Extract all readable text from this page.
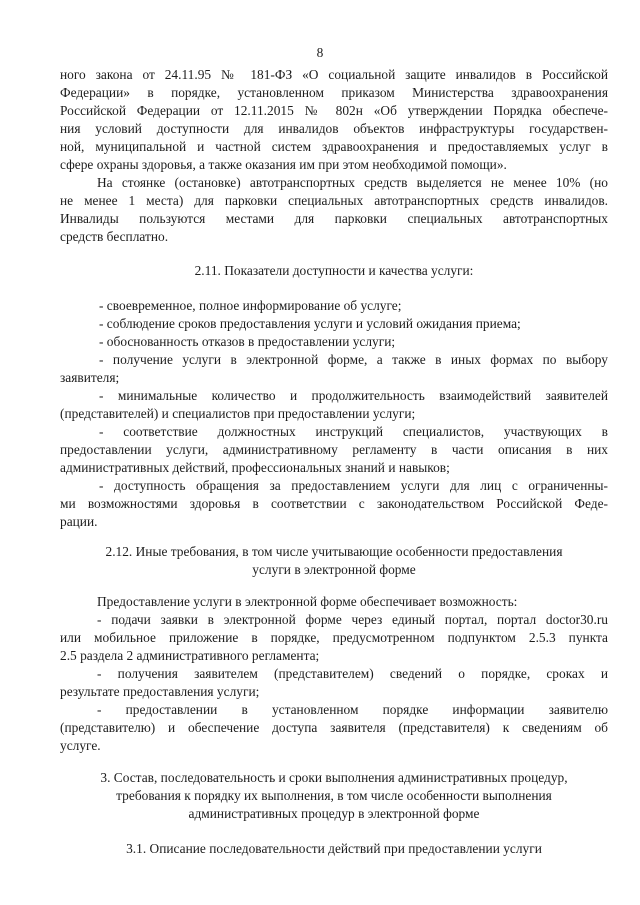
8
ного закона от 24.11.95 № 181-ФЗ «О социальной защите инвалидов в Российской
Федерации» в порядке, установленном приказом Министерства здравоохранения
Российской Федерации от 12.11.2015 № 802н «Об утверждении Порядка обеспече-
ния условий доступности для инвалидов объектов инфраструктуры государствен-
ной, муниципальной и частной систем здравоохранения и предоставляемых услуг в
сфере охраны здоровья, а также оказания им при этом необходимой помощи».
На стоянке (остановке) автотранспортных средств выделяется не менее 10% (но
не менее 1 места) для парковки специальных автотранспортных средств инвалидов.
Инвалиды пользуются местами для парковки специальных автотранспортных
средств бесплатно.
2.11. Показатели доступности и качества услуги:
- своевременное, полное информирование об услуге;
- соблюдение сроков предоставления услуги и условий ожидания приема;
- обоснованность отказов в предоставлении услуги;
- получение услуги в электронной форме, а также в иных формах по выбору
заявителя;
- минимальные количество и продолжительность взаимодействий заявителей
(представителей) и специалистов при предоставлении услуги;
- соответствие должностных инструкций специалистов, участвующих в
предоставлении услуги, административному регламенту в части описания в них
административных действий, профессиональных знаний и навыков;
- доступность обращения за предоставлением услуги для лиц с ограниченны-
ми возможностями здоровья в соответствии с законодательством Российской Феде-
рации.
2.12. Иные требования, в том числе учитывающие особенности предоставления
услуги в электронной форме
Предоставление услуги в электронной форме обеспечивает возможность:
- подачи заявки в электронной форме через единый портал, портал doctor30.ru
или мобильное приложение в порядке, предусмотренном подпунктом 2.5.3 пункта
2.5 раздела 2 административного регламента;
- получения заявителем (представителем) сведений о порядке, сроках и
результате предоставления услуги;
- предоставлении в установленном порядке информации заявителю
(представителю) и обеспечение доступа заявителя (представителя) к сведениям об
услуге.
3. Состав, последовательность и сроки выполнения административных процедур,
требования к порядку их выполнения, в том числе особенности выполнения
административных процедур в электронной форме
3.1. Описание последовательности действий при предоставлении услуги
